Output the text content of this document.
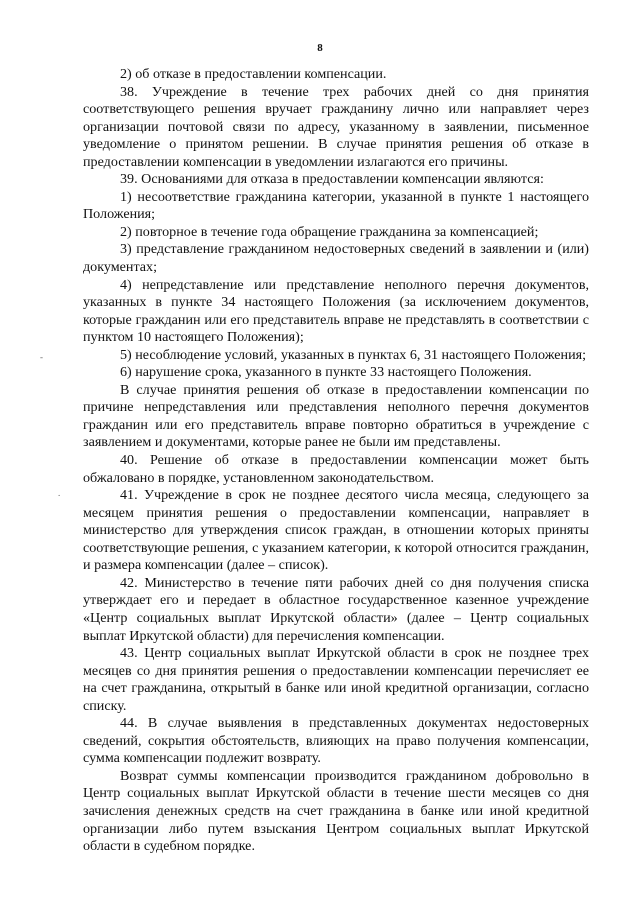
8
-
.

2) об отказе в предоставлении компенсации.

38. Учреждение в течение трех рабочих дней со дня принятия соответствующего решения вручает гражданину лично или направляет через организации почтовой связи по адресу, указанному в заявлении, письменное уведомление о принятом решении. В случае принятия решения об отказе в предоставлении компенсации в уведомлении излагаются его причины.

39. Основаниями для отказа в предоставлении компенсации являются:

1) несоответствие гражданина категории, указанной в пункте 1 настоящего Положения;

2) повторное в течение года обращение гражданина за компенсацией;

3) представление гражданином недостоверных сведений в заявлении и (или) документах;

4) непредставление или представление неполного перечня документов, указанных в пункте 34 настоящего Положения (за исключением документов, которые гражданин или его представитель вправе не представлять в соответствии с пунктом 10 настоящего Положения);

5) несоблюдение условий, указанных в пунктах 6, 31 настоящего Положения;

6) нарушение срока, указанного в пункте 33 настоящего Положения.

В случае принятия решения об отказе в предоставлении компенсации по причине непредставления или представления неполного перечня документов гражданин или его представитель вправе повторно обратиться в учреждение с заявлением и документами, которые ранее не были им представлены.

40. Решение об отказе в предоставлении компенсации может быть обжаловано в порядке, установленном законодательством.

41. Учреждение в срок не позднее десятого числа месяца, следующего за месяцем принятия решения о предоставлении компенсации, направляет в министерство для утверждения список граждан, в отношении которых приняты соответствующие решения, с указанием категории, к которой относится гражданин, и размера компенсации (далее – список).

42. Министерство в течение пяти рабочих дней со дня получения списка утверждает его и передает в областное государственное казенное учреждение «Центр социальных выплат Иркутской области» (далее – Центр социальных выплат Иркутской области) для перечисления компенсации.

43. Центр социальных выплат Иркутской области в срок не позднее трех месяцев со дня принятия решения о предоставлении компенсации перечисляет ее на счет гражданина, открытый в банке или иной кредитной организации, согласно списку.

44. В случае выявления в представленных документах недостоверных сведений, сокрытия обстоятельств, влияющих на право получения компенсации, сумма компенсации подлежит возврату.

Возврат суммы компенсации производится гражданином добровольно в Центр социальных выплат Иркутской области в течение шести месяцев со дня зачисления денежных средств на счет гражданина в банке или иной кредитной организации либо путем взыскания Центром социальных выплат Иркутской области в судебном порядке.
